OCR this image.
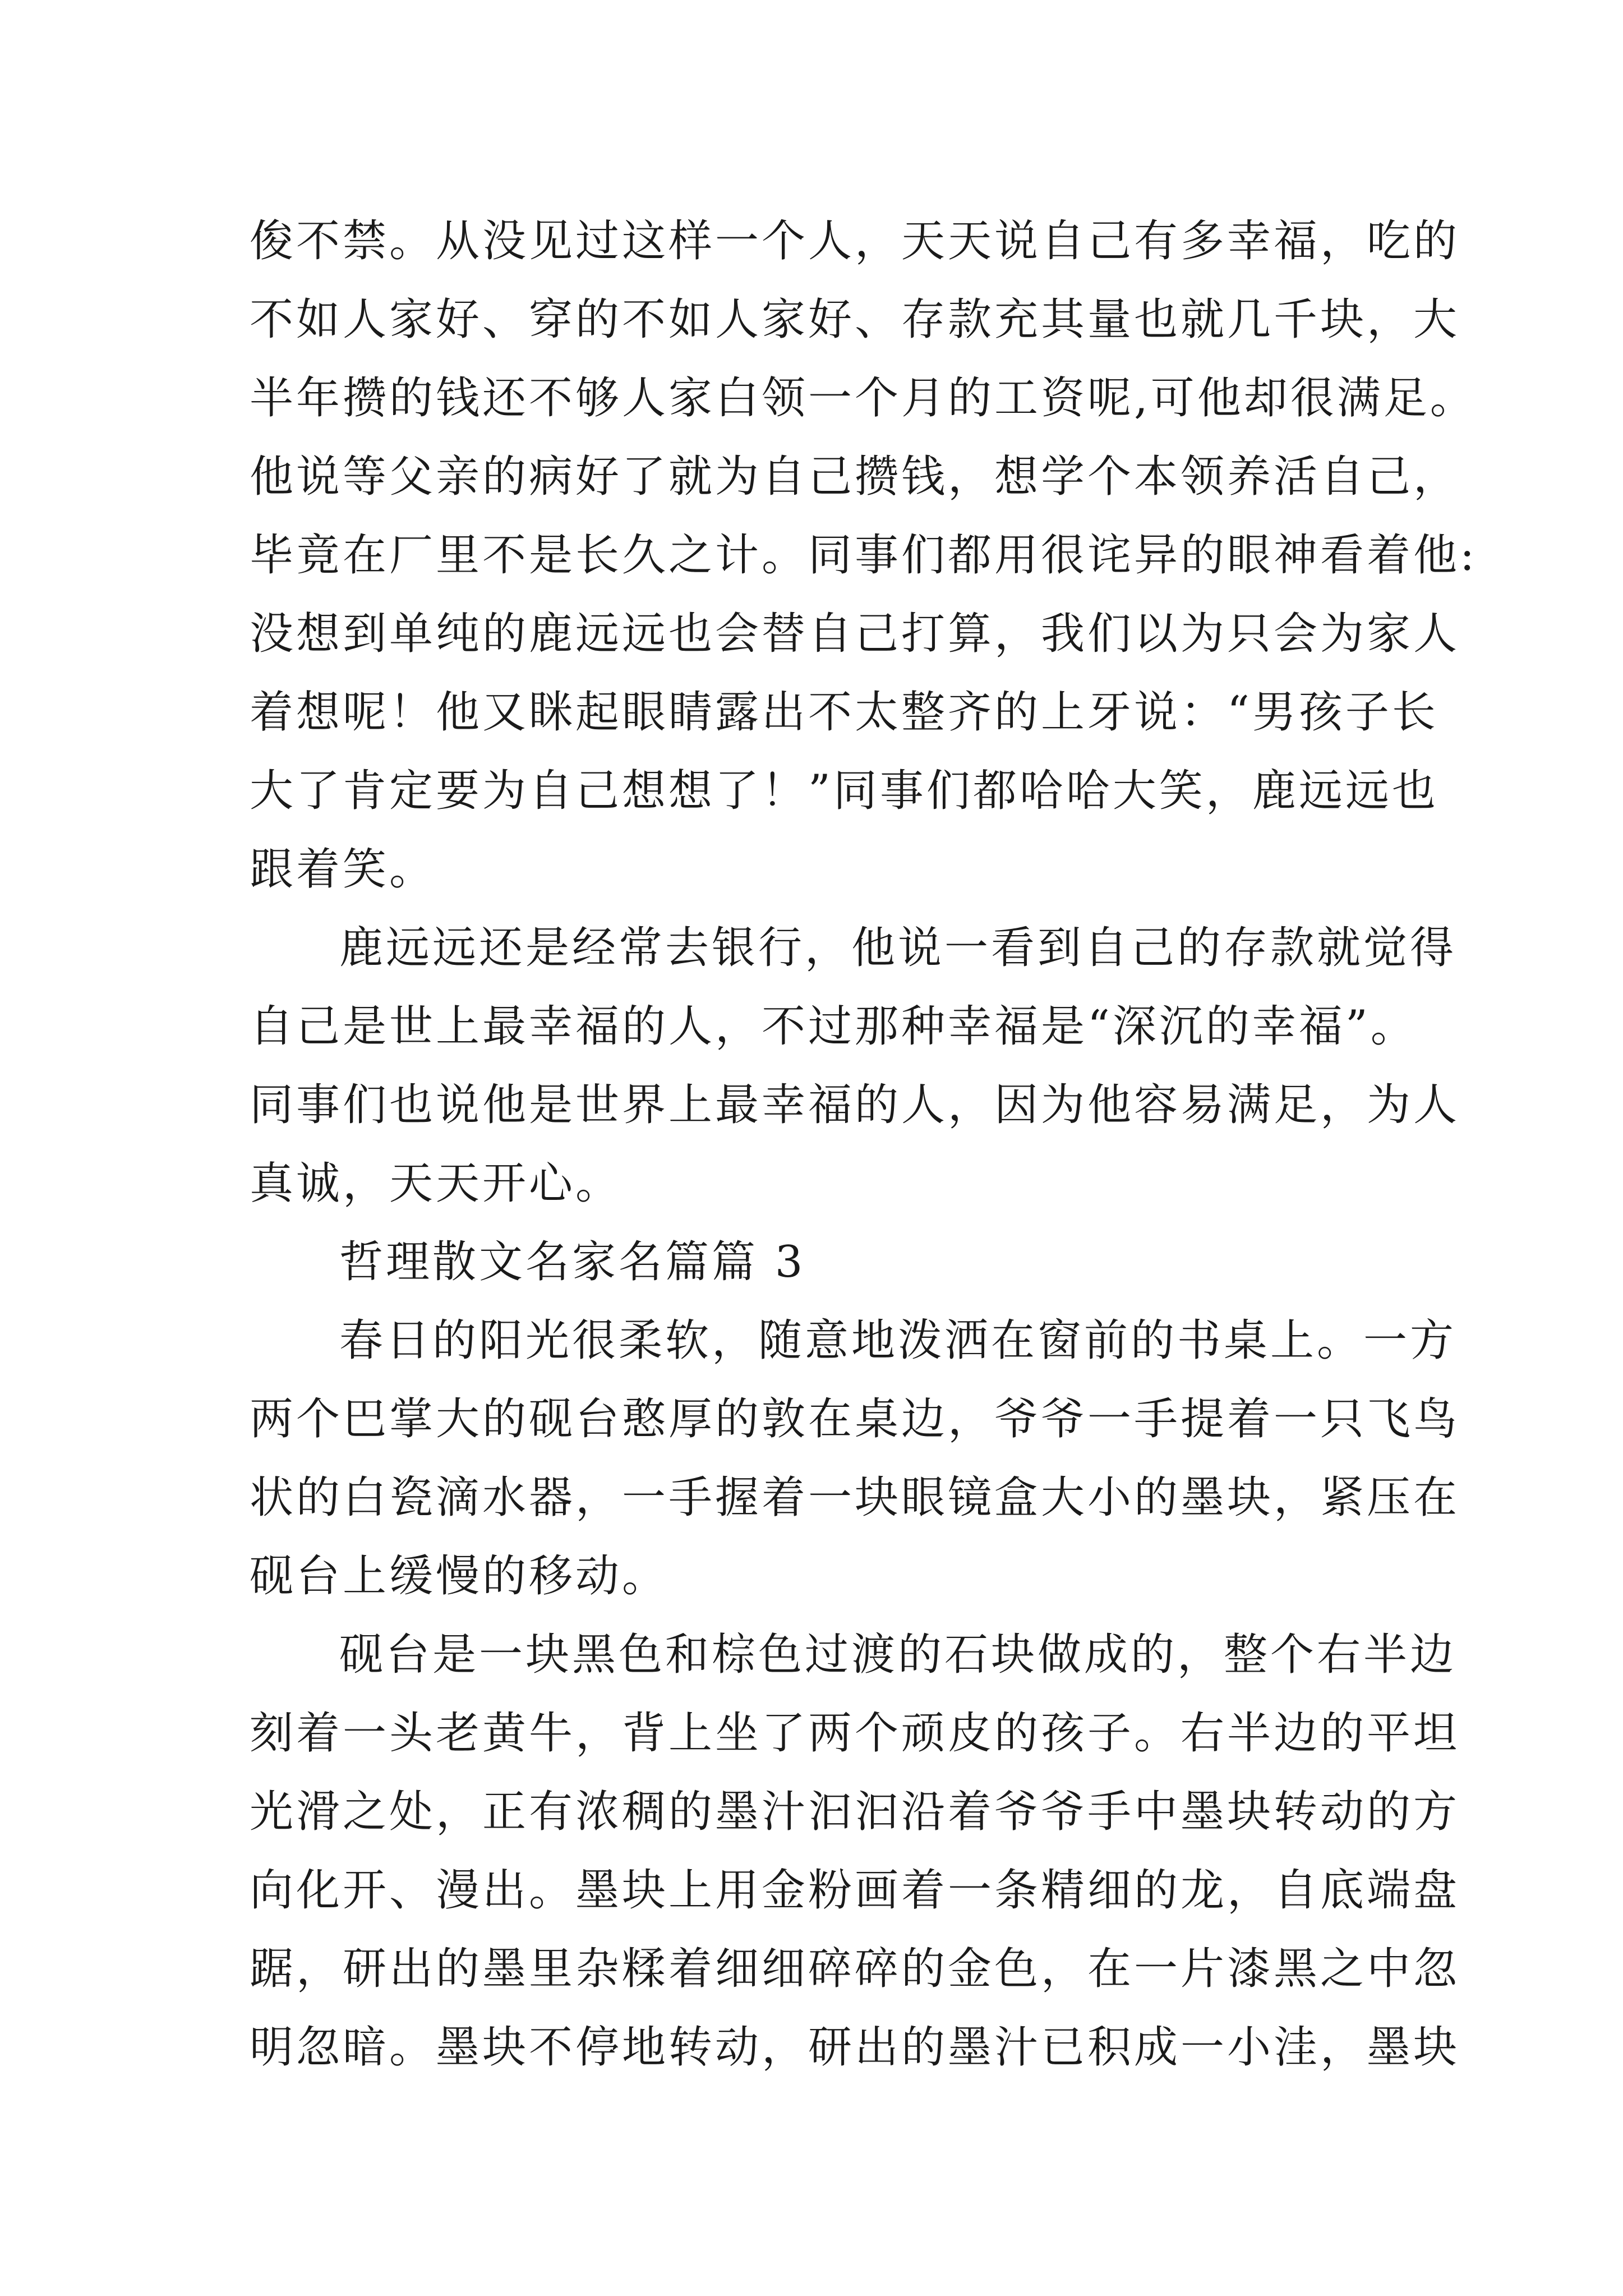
俊不禁。从没见过这样一个人，天天说自己有多幸福，吃的
不如人家好、穿的不如人家好、存款充其量也就几千块，大
半年攒的钱还不够人家白领一个月的工资呢,可他却很满足。
他说等父亲的病好了就为自己攒钱，想学个本领养活自己，
毕竟在厂里不是长久之计。同事们都用很诧异的眼神看着他:
没想到单纯的鹿远远也会替自己打算，我们以为只会为家人
着想呢！他又眯起眼睛露出不太整齐的上牙说：“男孩子长
大了肯定要为自己想想了！”同事们都哈哈大笑，鹿远远也
跟着笑。
鹿远远还是经常去银行，他说一看到自己的存款就觉得
自己是世上最幸福的人，不过那种幸福是“深沉的幸福”。
同事们也说他是世界上最幸福的人，因为他容易满足，为人
真诚，天天开心。
哲理散文名家名篇篇 3
春日的阳光很柔软，随意地泼洒在窗前的书桌上。一方
两个巴掌大的砚台憨厚的敦在桌边，爷爷一手提着一只飞鸟
状的白瓷滴水器，一手握着一块眼镜盒大小的墨块，紧压在
砚台上缓慢的移动。
砚台是一块黑色和棕色过渡的石块做成的，整个右半边
刻着一头老黄牛，背上坐了两个顽皮的孩子。右半边的平坦
光滑之处，正有浓稠的墨汁汩汩沿着爷爷手中墨块转动的方
向化开、漫出。墨块上用金粉画着一条精细的龙，自底端盘
踞，研出的墨里杂糅着细细碎碎的金色，在一片漆黑之中忽
明忽暗。墨块不停地转动，研出的墨汁已积成一小洼，墨块
